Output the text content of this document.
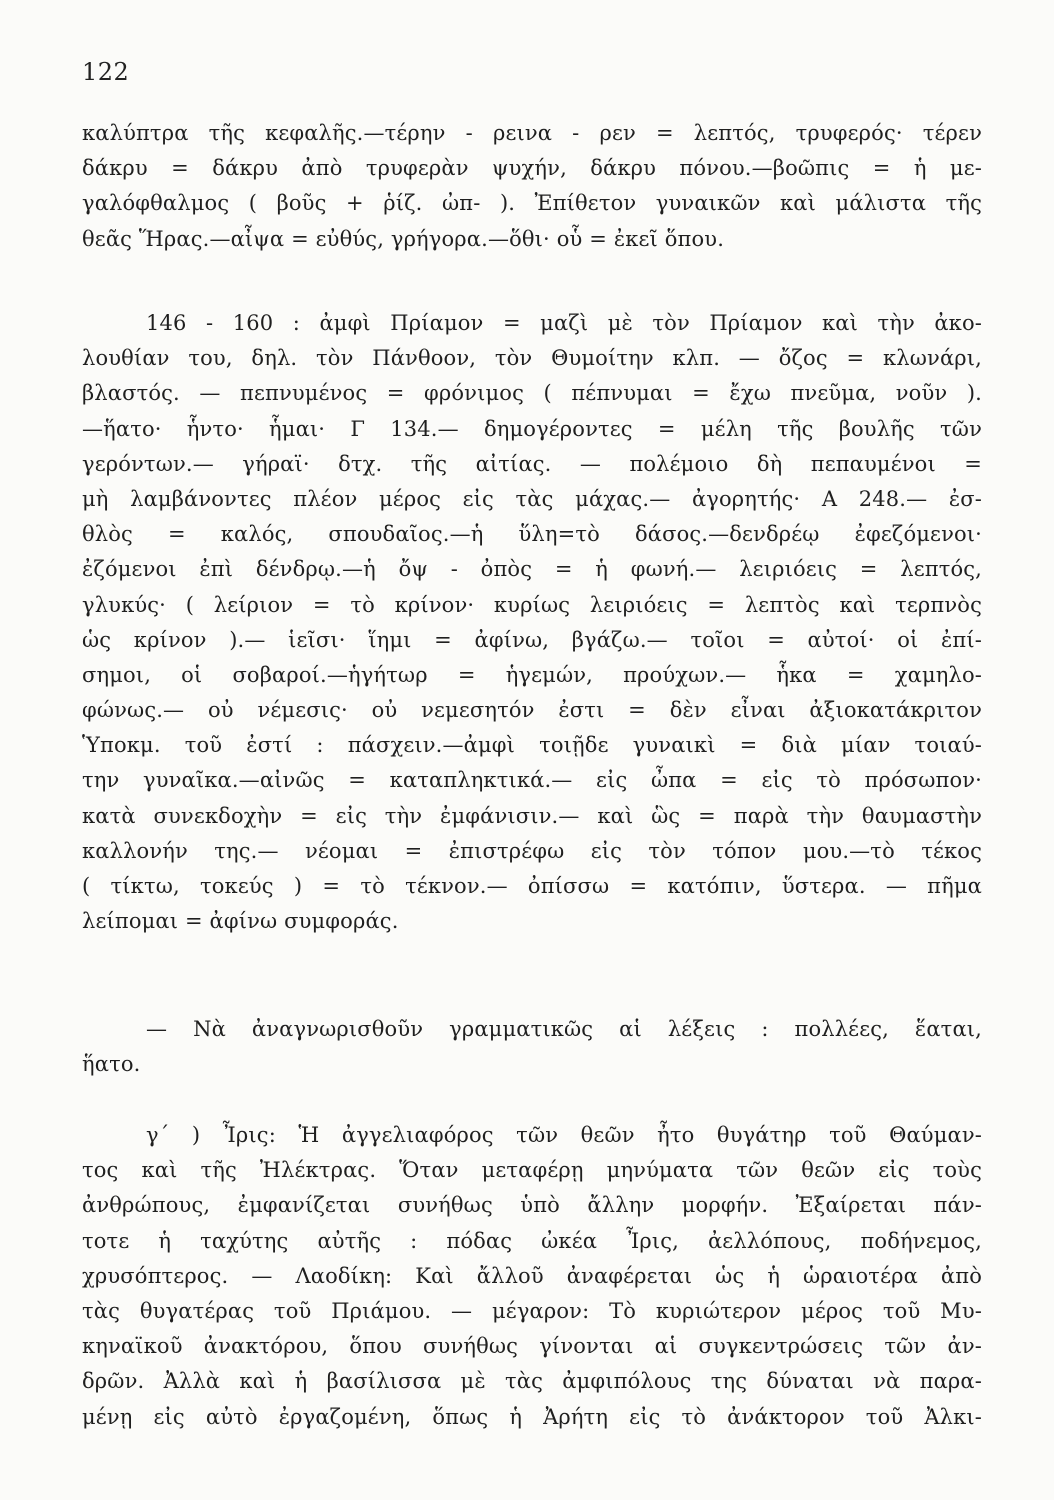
122
καλύπτρα τῆς κεφαλῆς.—τέρην - ρεινα - ρεν = λεπτός, τρυφερός· τέρεν
δάκρυ = δάκρυ ἀπὸ τρυφερὰν ψυχήν, δάκρυ πόνου.—βοῶπις = ἡ με-
γαλόφθαλμος ( βοῦς + ῥίζ. ὠπ- ). Ἐπίθετον γυναικῶν καὶ μάλιστα τῆς
θεᾶς Ἥρας.—αἶψα = εὐθύς, γρήγορα.—ὅθι· οὗ = ἐκεῖ ὅπου.
146 - 160 : ἀμφὶ Πρίαμον = μαζὶ μὲ τὸν Πρίαμον καὶ τὴν ἀκο-
λουθίαν του, δηλ. τὸν Πάνθοον, τὸν Θυμοίτην κλπ. — ὄζος = κλωνάρι,
βλαστός. — πεπνυμένος = φρόνιμος ( πέπνυμαι = ἔχω πνεῦμα, νοῦν ).
—ἥατο· ἧντο· ἧμαι· Γ 134.— δημογέροντες = μέλη τῆς βουλῆς τῶν
γερόντων.— γήραϊ· δτχ. τῆς αἰτίας. — πολέμοιο δὴ πεπαυμένοι =
μὴ λαμβάνοντες πλέον μέρος εἰς τὰς μάχας.— ἀγορητής· Α 248.— ἐσ-
θλὸς = καλός, σπουδαῖος.—ἡ ὕλη=τὸ δάσος.—δενδρέῳ ἐφεζόμενοι·
ἐζόμενοι ἐπὶ δένδρῳ.—ἡ ὄψ - ὀπὸς = ἡ φωνή.— λειριόεις = λεπτός,
γλυκύς· ( λείριον = τὸ κρίνον· κυρίως λειριόεις = λεπτὸς καὶ τερπνὸς
ὡς κρίνον ).— ἱεῖσι· ἵημι = ἀφίνω, βγάζω.— τοῖοι = αὐτοί· οἱ ἐπί-
σημοι, οἱ σοβαροί.—ἡγήτωρ = ἡγεμών, προύχων.— ἧκα = χαμηλο-
φώνως.— οὐ νέμεσις· οὐ νεμεσητόν ἐστι = δὲν εἶναι ἀξιοκατάκριτον
Ὑποκμ. τοῦ ἐστί : πάσχειν.—ἀμφὶ τοιῇδε γυναικὶ = διὰ μίαν τοιαύ-
την γυναῖκα.—αἰνῶς = καταπληκτικά.— εἰς ὦπα = εἰς τὸ πρόσωπον·
κατὰ συνεκδοχὴν = εἰς τὴν ἐμφάνισιν.— καὶ ὣς = παρὰ τὴν θαυμαστὴν
καλλονήν της.— νέομαι = ἐπιστρέφω εἰς τὸν τόπον μου.—τὸ τέκος
( τίκτω, τοκεύς ) = τὸ τέκνον.— ὀπίσσω = κατόπιν, ὕστερα. — πῆμα
λείπομαι = ἀφίνω συμφοράς.
— Νὰ ἀναγνωρισθοῦν γραμματικῶς αἱ λέξεις : πολλέες, ἕαται,
ἥατο.
γ΄ ) Ἶρις: Ἡ ἀγγελιαφόρος τῶν θεῶν ἦτο θυγάτηρ τοῦ Θαύμαν-
τος καὶ τῆς Ἠλέκτρας. Ὅταν μεταφέρῃ μηνύματα τῶν θεῶν εἰς τοὺς
ἀνθρώπους, ἐμφανίζεται συνήθως ὑπὸ ἄλλην μορφήν. Ἐξαίρεται πάν-
τοτε ἡ ταχύτης αὐτῆς : πόδας ὠκέα Ἶρις, ἀελλόπους, ποδήνεμος,
χρυσόπτερος. — Λαοδίκη: Καὶ ἄλλοῦ ἀναφέρεται ὡς ἡ ὡραιοτέρα ἀπὸ
τὰς θυγατέρας τοῦ Πριάμου. — μέγαρον: Τὸ κυριώτερον μέρος τοῦ Μυ-
κηναϊκοῦ ἀνακτόρου, ὅπου συνήθως γίνονται αἱ συγκεντρώσεις τῶν ἀν-
δρῶν. Ἀλλὰ καὶ ἡ βασίλισσα μὲ τὰς ἀμφιπόλους της δύναται νὰ παρα-
μένῃ εἰς αὐτὸ ἐργαζομένη, ὅπως ἡ Ἀρήτη εἰς τὸ ἀνάκτορον τοῦ Ἀλκι-
